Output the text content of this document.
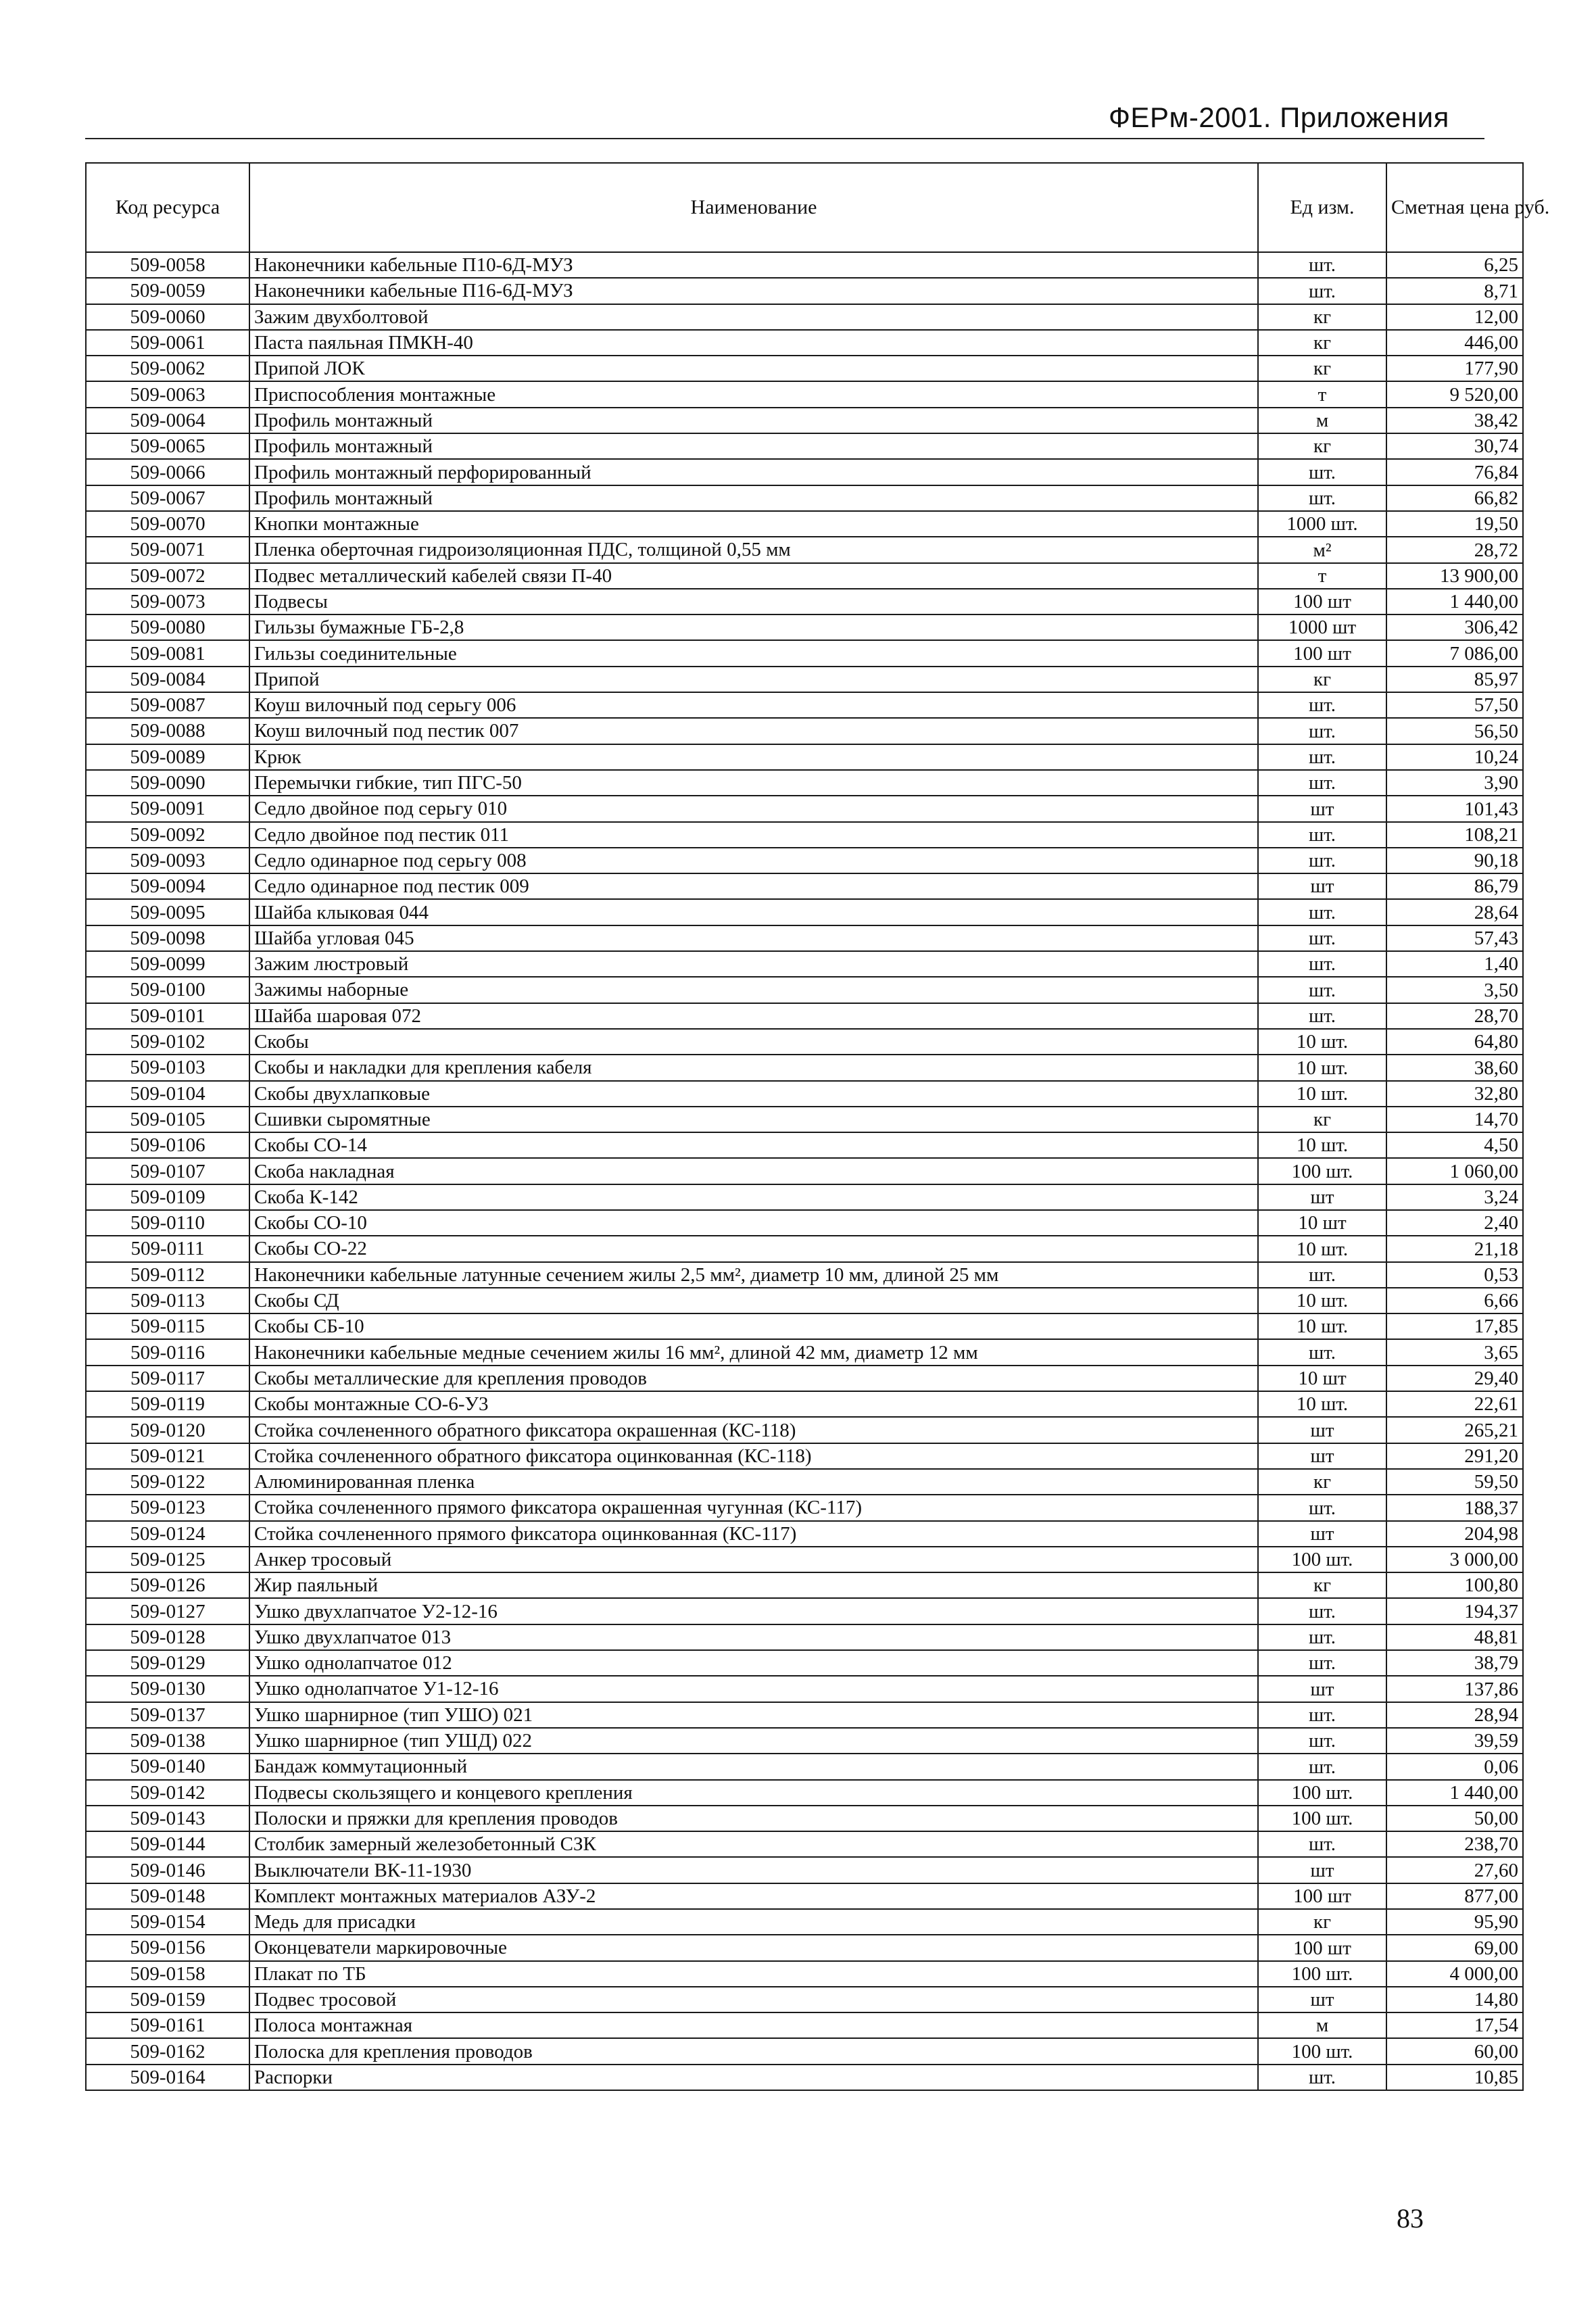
ФЕРм-2001. Приложения
Код ресурса	Наименование	Ед изм.	Сметная цена руб.
509-0058	Наконечники кабельные П10-6Д-МУЗ	шт.	6,25
509-0059	Наконечники кабельные П16-6Д-МУЗ	шт.	8,71
509-0060	Зажим двухболтовой	кг	12,00
509-0061	Паста паяльная ПМКН-40	кг	446,00
509-0062	Припой ЛОК	кг	177,90
509-0063	Приспособления монтажные	т	9 520,00
509-0064	Профиль монтажный	м	38,42
509-0065	Профиль монтажный	кг	30,74
509-0066	Профиль монтажный перфорированный	шт.	76,84
509-0067	Профиль монтажный	шт.	66,82
509-0070	Кнопки монтажные	1000 шт.	19,50
509-0071	Пленка оберточная гидроизоляционная ПДС, толщиной 0,55 мм	м²	28,72
509-0072	Подвес металлический кабелей связи П-40	т	13 900,00
509-0073	Подвесы	100 шт	1 440,00
509-0080	Гильзы бумажные ГБ-2,8	1000 шт	306,42
509-0081	Гильзы соединительные	100 шт	7 086,00
509-0084	Припой	кг	85,97
509-0087	Коуш вилочный под серьгу 006	шт.	57,50
509-0088	Коуш вилочный под пестик 007	шт.	56,50
509-0089	Крюк	шт.	10,24
509-0090	Перемычки гибкие, тип ПГС-50	шт.	3,90
509-0091	Седло двойное под серьгу 010	шт	101,43
509-0092	Седло двойное под пестик 011	шт.	108,21
509-0093	Седло одинарное под серьгу 008	шт.	90,18
509-0094	Седло одинарное под пестик 009	шт	86,79
509-0095	Шайба клыковая 044	шт.	28,64
509-0098	Шайба угловая 045	шт.	57,43
509-0099	Зажим люстровый	шт.	1,40
509-0100	Зажимы наборные	шт.	3,50
509-0101	Шайба шаровая 072	шт.	28,70
509-0102	Скобы	10 шт.	64,80
509-0103	Скобы и накладки для крепления кабеля	10 шт.	38,60
509-0104	Скобы двухлапковые	10 шт.	32,80
509-0105	Сшивки сыромятные	кг	14,70
509-0106	Скобы СО-14	10 шт.	4,50
509-0107	Скоба накладная	100 шт.	1 060,00
509-0109	Скоба К-142	шт	3,24
509-0110	Скобы СО-10	10 шт	2,40
509-0111	Скобы СО-22	10 шт.	21,18
509-0112	Наконечники кабельные латунные сечением жилы 2,5 мм², диаметр 10 мм, длиной 25 мм	шт.	0,53
509-0113	Скобы СД	10 шт.	6,66
509-0115	Скобы СБ-10	10 шт.	17,85
509-0116	Наконечники кабельные медные сечением жилы 16 мм², длиной 42 мм, диаметр 12 мм	шт.	3,65
509-0117	Скобы металлические для крепления проводов	10 шт	29,40
509-0119	Скобы монтажные СО-6-У3	10 шт.	22,61
509-0120	Стойка сочлененного обратного фиксатора окрашенная (КС-118)	шт	265,21
509-0121	Стойка сочлененного обратного фиксатора оцинкованная (КС-118)	шт	291,20
509-0122	Алюминированная пленка	кг	59,50
509-0123	Стойка сочлененного прямого фиксатора окрашенная чугунная (КС-117)	шт.	188,37
509-0124	Стойка сочлененного прямого фиксатора оцинкованная (КС-117)	шт	204,98
509-0125	Анкер тросовый	100 шт.	3 000,00
509-0126	Жир паяльный	кг	100,80
509-0127	Ушко двухлапчатое У2-12-16	шт.	194,37
509-0128	Ушко двухлапчатое 013	шт.	48,81
509-0129	Ушко однолапчатое 012	шт.	38,79
509-0130	Ушко однолапчатое У1-12-16	шт	137,86
509-0137	Ушко шарнирное (тип УШО) 021	шт.	28,94
509-0138	Ушко шарнирное (тип УШД) 022	шт.	39,59
509-0140	Бандаж коммутационный	шт.	0,06
509-0142	Подвесы скользящего и концевого крепления	100 шт.	1 440,00
509-0143	Полоски и пряжки для крепления проводов	100 шт.	50,00
509-0144	Столбик замерный железобетонный СЗК	шт.	238,70
509-0146	Выключатели ВК-11-1930	шт	27,60
509-0148	Комплект монтажных материалов АЗУ-2	100 шт	877,00
509-0154	Медь для присадки	кг	95,90
509-0156	Оконцеватели маркировочные	100 шт	69,00
509-0158	Плакат по ТБ	100 шт.	4 000,00
509-0159	Подвес тросовой	шт	14,80
509-0161	Полоса монтажная	м	17,54
509-0162	Полоска для крепления проводов	100 шт.	60,00
509-0164	Распорки	шт.	10,85
83
